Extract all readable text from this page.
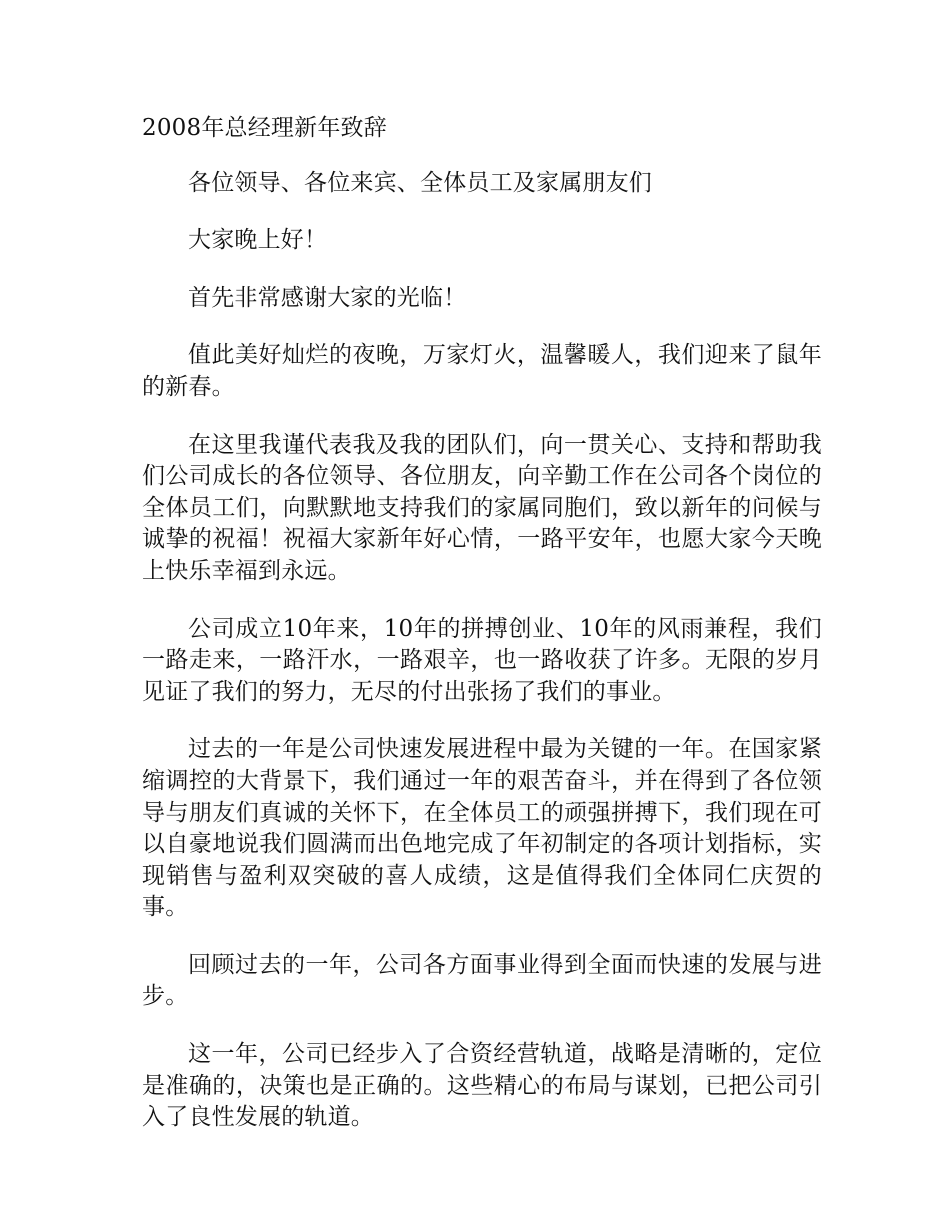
2008年总经理新年致辞

各位领导、各位来宾、全体员工及家属朋友们

大家晚上好！

首先非常感谢大家的光临！

值此美好灿烂的夜晚，万家灯火，温馨暖人，我们迎来了鼠年的新春。

在这里我谨代表我及我的团队们，向一贯关心、支持和帮助我们公司成长的各位领导、各位朋友，向辛勤工作在公司各个岗位的全体员工们，向默默地支持我们的家属同胞们，致以新年的问候与诚挚的祝福！祝福大家新年好心情，一路平安年，也愿大家今天晚上快乐幸福到永远。

公司成立10年来，10年的拼搏创业、10年的风雨兼程，我们一路走来，一路汗水，一路艰辛，也一路收获了许多。无限的岁月见证了我们的努力，无尽的付出张扬了我们的事业。

过去的一年是公司快速发展进程中最为关键的一年。在国家紧缩调控的大背景下，我们通过一年的艰苦奋斗，并在得到了各位领导与朋友们真诚的关怀下，在全体员工的顽强拼搏下，我们现在可以自豪地说我们圆满而出色地完成了年初制定的各项计划指标，实现销售与盈利双突破的喜人成绩，这是值得我们全体同仁庆贺的事。

回顾过去的一年，公司各方面事业得到全面而快速的发展与进步。

这一年，公司已经步入了合资经营轨道，战略是清晰的，定位是准确的，决策也是正确的。这些精心的布局与谋划，已把公司引入了良性发展的轨道。
